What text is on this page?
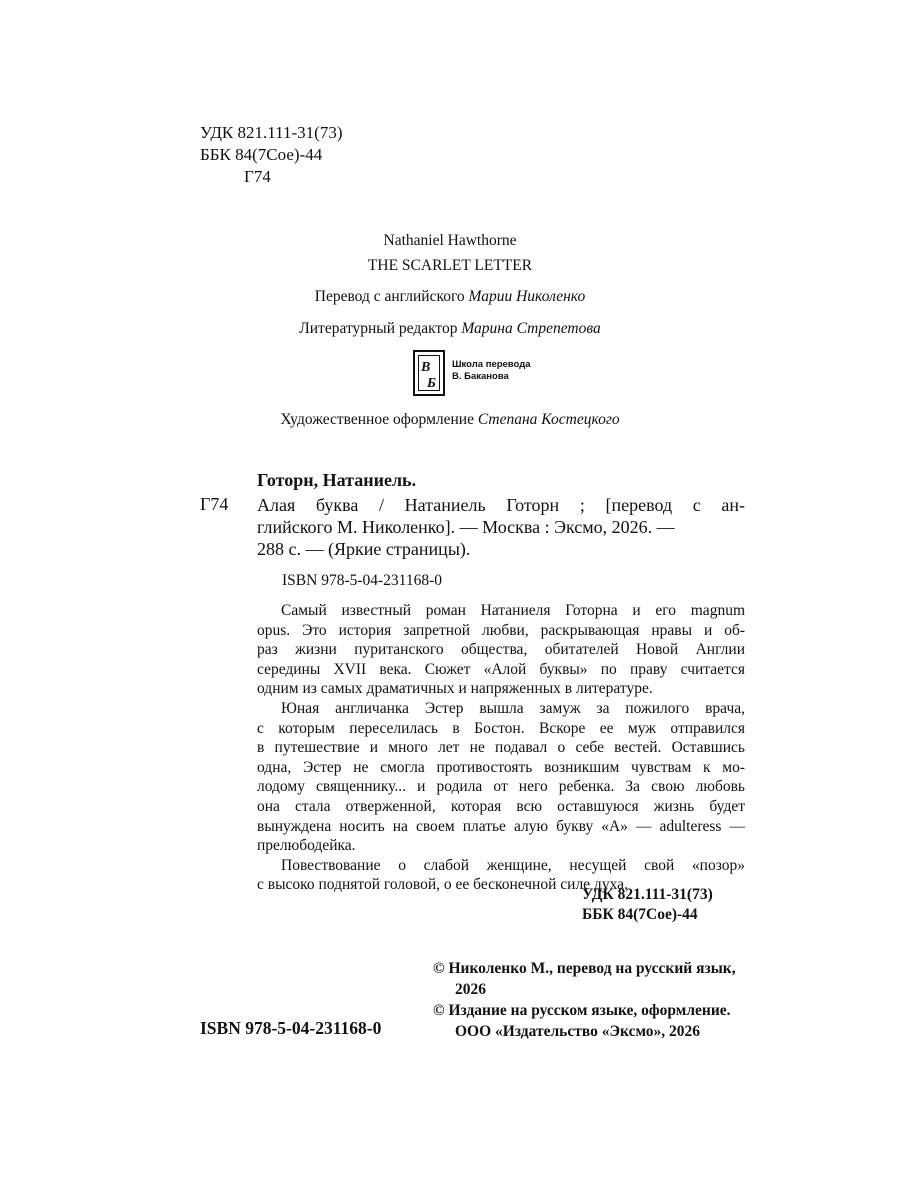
УДК 821.111-31(73)
ББК 84(7Сое)-44
Г74
Nathaniel Hawthorne
THE SCARLET LETTER
Перевод с английского Марии Николенко
Литературный редактор Марина Стрепетова
В
Б
Школа перевода
В. Баканова
Художественное оформление Степана Костецкого
Готорн, Натаниель.
Г74 Алая буква / Натаниель Готорн ; [перевод с ан-
глийского М. Николенко]. — Москва : Эксмо, 2026. —
288 с. — (Яркие страницы).
ISBN 978-5-04-231168-0
Самый известный роман Натаниеля Готорна и его magnum
opus. Это история запретной любви, раскрывающая нравы и об-
раз жизни пуританского общества, обитателей Новой Англии
середины XVII века. Сюжет «Алой буквы» по праву считается
одним из самых драматичных и напряженных в литературе.
Юная англичанка Эстер вышла замуж за пожилого врача,
с которым переселилась в Бостон. Вскоре ее муж отправился
в путешествие и много лет не подавал о себе вестей. Оставшись
одна, Эстер не смогла противостоять возникшим чувствам к мо-
лодому священнику... и родила от него ребенка. За свою любовь
она стала отверженной, которая всю оставшуюся жизнь будет
вынуждена носить на своем платье алую букву «A» — adulteress —
прелюбодейка.
Повествование о слабой женщине, несущей свой «позор»
с высоко поднятой головой, о ее бесконечной силе духа.
УДК 821.111-31(73)
ББК 84(7Сое)-44
© Николенко М., перевод на русский язык,
2026
© Издание на русском языке, оформление.
ООО «Издательство «Эксмо», 2026
ISBN 978-5-04-231168-0
